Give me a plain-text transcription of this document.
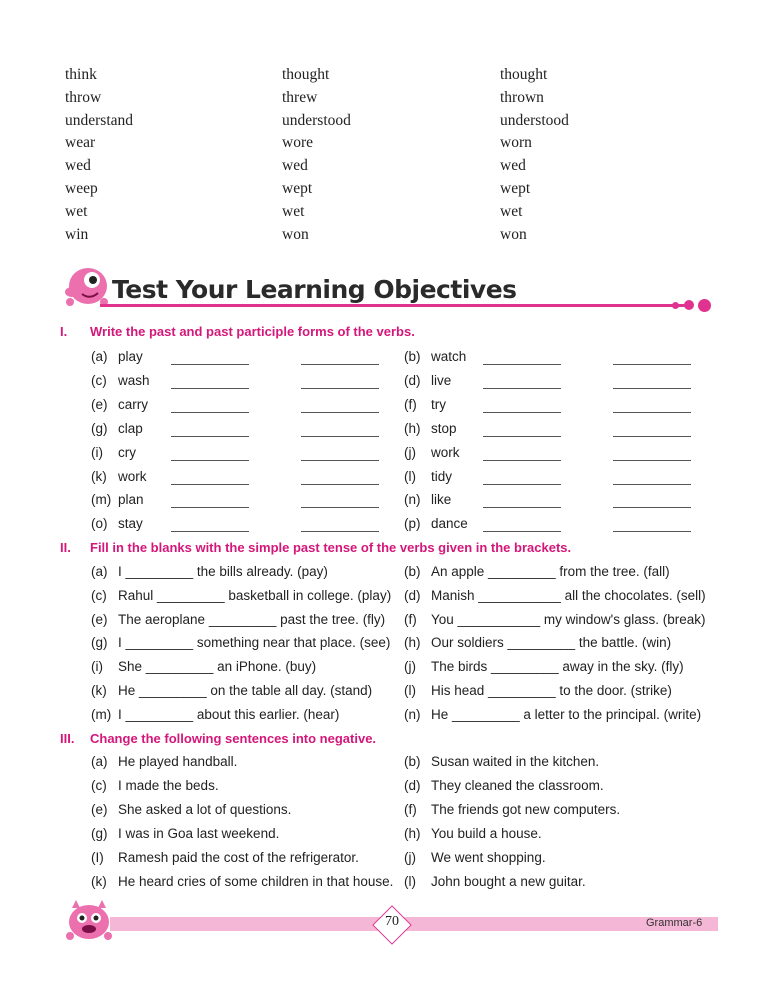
think	thought	thought
throw	threw	thrown
understand	understood	understood
wear	wore	worn
wed	wed	wed
weep	wept	wept
wet	wet	wet
win	won	won
Test Your Learning Objectives
I. Write the past and past participle forms of the verbs.
(a) play	(b) watch
(c) wash	(d) live
(e) carry	(f) try
(g) clap	(h) stop
(i) cry	(j) work
(k) work	(l) tidy
(m) plan	(n) like
(o) stay	(p) dance
II. Fill in the blanks with the simple past tense of the verbs given in the brackets.
(a) I _________ the bills already. (pay)	(b) An apple _________ from the tree. (fall)
(c) Rahul _________ basketball in college. (play) (d) Manish ___________ all the chocolates. (sell)
(e) The aeroplane _________ past the tree. (fly) (f) You ___________ my window's glass. (break)
(g) I _________ something near that place. (see) (h) Our soldiers _________ the battle. (win)
(i) She _________ an iPhone. (buy)	(j) The birds _________ away in the sky. (fly)
(k) He _________ on the table all day. (stand) (l) His head _________ to the door. (strike)
(m) I _________ about this earlier. (hear)	(n) He _________ a letter to the principal. (write)
III. Change the following sentences into negative.
(a) He played handball.	(b) Susan waited in the kitchen.
(c) I made the beds.	(d) They cleaned the classroom.
(e) She asked a lot of questions.	(f) The friends got new computers.
(g) I was in Goa last weekend.	(h) You build a house.
(I) Ramesh paid the cost of the refrigerator.	(j) We went shopping.
(k) He heard cries of some children in that house. (l) John bought a new guitar.
70	Grammar-6
